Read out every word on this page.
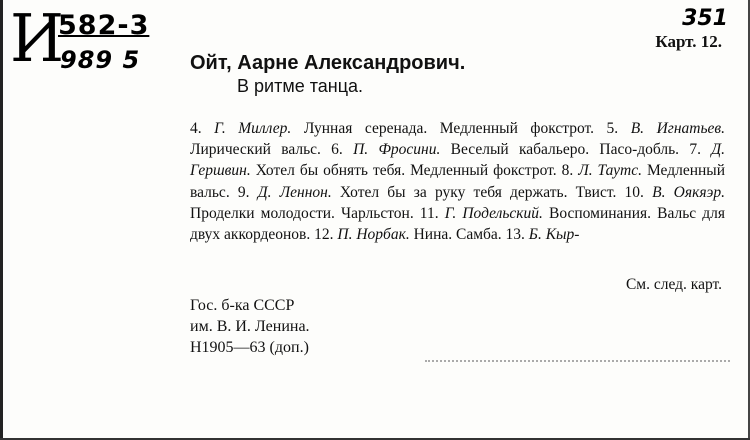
И
582-3
989 5
351
Карт. 12.
Ойт, Аарне Александрович.
В ритме танца.
4. Г. Миллер. Лунная серенада. Медленный фокстрот. 5. В. Игнатьев. Лирический вальс. 6. П. Фросини. Веселый кабальеро. Пасо-добль. 7. Д. Гершвин. Хотел бы обнять тебя. Медленный фокстрот. 8. Л. Таутс. Медленный вальс. 9. Д. Леннон. Хотел бы за руку тебя держать. Твист. 10. В. Оякяэр. Проделки молодости. Чарльстон. 11. Г. Подельский. Воспоминания. Вальс для двух аккордеонов. 12. П. Норбак. Нина. Самба. 13. Б. Кыр-
См. след. карт.
Гос. б-ка СССР
им. В. И. Ленина.
Н1905—63 (доп.)
